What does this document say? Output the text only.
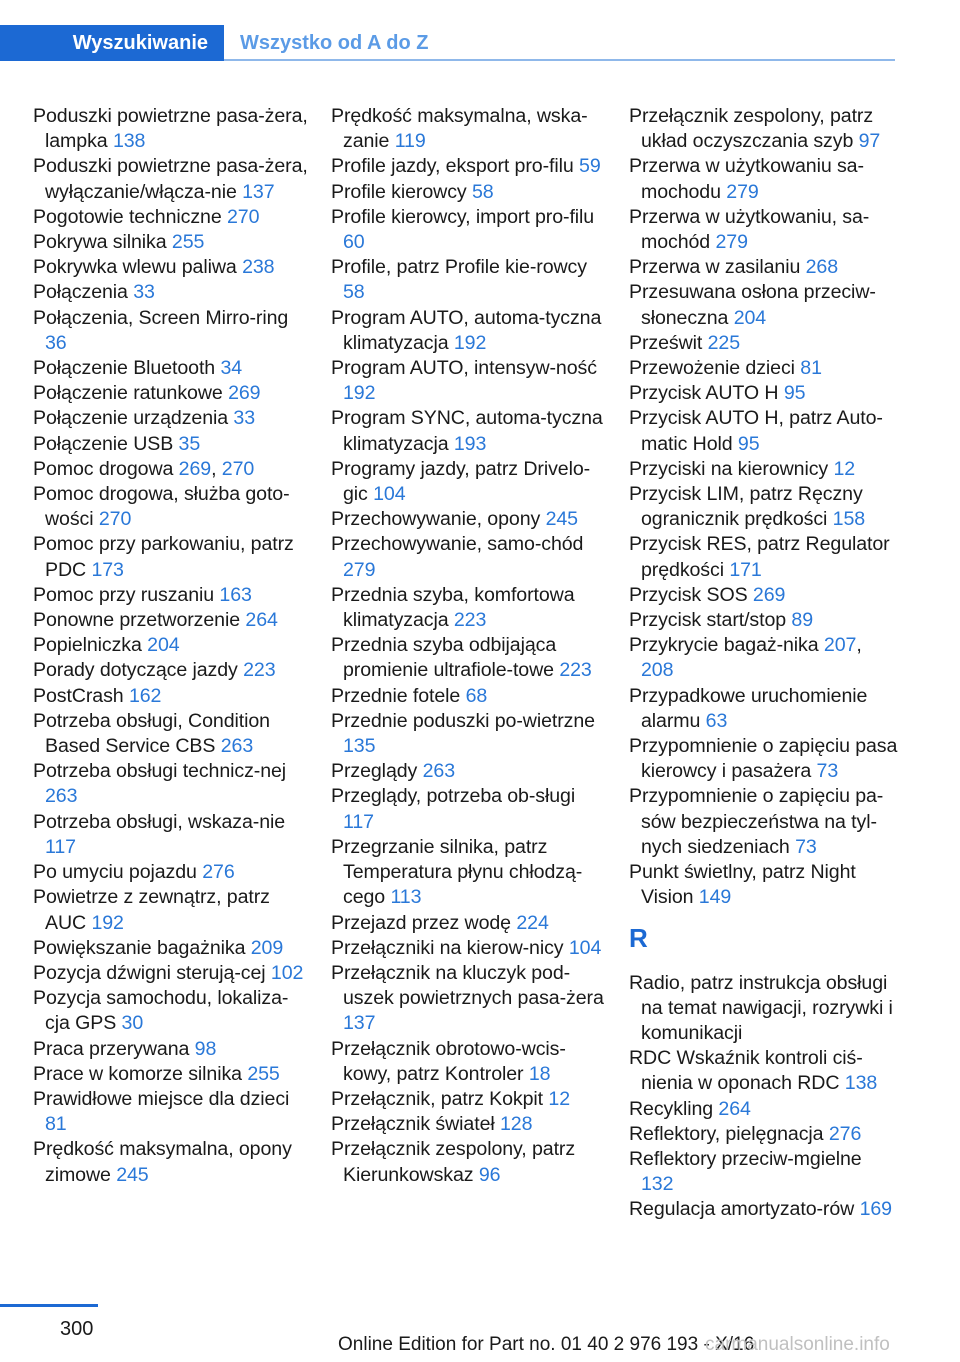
Wyszukiwanie	Wszystko od A do Z
Poduszki powietrzne pasa-żera, lampka 138
Poduszki powietrzne pasa-żera, wyłączanie/włącza-nie 137
Pogotowie techniczne 270
Pokrywa silnika 255
Pokrywka wlewu paliwa 238
Połączenia 33
Połączenia, Screen Mirro-ring 36
Połączenie Bluetooth 34
Połączenie ratunkowe 269
Połączenie urządzenia 33
Połączenie USB 35
Pomoc drogowa 269, 270
Pomoc drogowa, służba goto-wości 270
Pomoc przy parkowaniu, patrz PDC 173
Pomoc przy ruszaniu 163
Ponowne przetworzenie 264
Popielniczka 204
Porady dotyczące jazdy 223
PostCrash 162
Potrzeba obsługi, Condition Based Service CBS 263
Potrzeba obsługi technicz-nej 263
Potrzeba obsługi, wskaza-nie 117
Po umyciu pojazdu 276
Powietrze z zewnątrz, patrz AUC 192
Powiększanie bagażnika 209
Pozycja dźwigni sterują-cej 102
Pozycja samochodu, lokaliza-cja GPS 30
Praca przerywana 98
Prace w komorze silnika 255
Prawidłowe miejsce dla dzieci 81
Prędkość maksymalna, opony zimowe 245
Prędkość maksymalna, wska-zanie 119
Profile jazdy, eksport pro-filu 59
Profile kierowcy 58
Profile kierowcy, import pro-filu 60
Profile, patrz Profile kie-rowcy 58
Program AUTO, automa-tyczna klimatyzacja 192
Program AUTO, intensyw-ność 192
Program SYNC, automa-tyczna klimatyzacja 193
Programy jazdy, patrz Drivelo-gic 104
Przechowywanie, opony 245
Przechowywanie, samo-chód 279
Przednia szyba, komfortowa klimatyzacja 223
Przednia szyba odbijająca promienie ultrafiole-towe 223
Przednie fotele 68
Przednie poduszki po-wietrzne 135
Przeglądy 263
Przeglądy, potrzeba ob-sługi 117
Przegrzanie silnika, patrz Temperatura płynu chłodzą-cego 113
Przejazd przez wodę 224
Przełączniki na kierow-nicy 104
Przełącznik na kluczyk pod-uszek powietrznych pasa-żera 137
Przełącznik obrotowo-wcis-kowy, patrz Kontroler 18
Przełącznik, patrz Kokpit 12
Przełącznik świateł 128
Przełącznik zespolony, patrz Kierunkowskaz 96
Przełącznik zespolony, patrz układ oczyszczania szyb 97
Przerwa w użytkowaniu sa-mochodu 279
Przerwa w użytkowaniu, sa-mochód 279
Przerwa w zasilaniu 268
Przesuwana osłona przeciw-słoneczna 204
Prześwit 225
Przewożenie dzieci 81
Przycisk AUTO H 95
Przycisk AUTO H, patrz Auto-matic Hold 95
Przyciski na kierownicy 12
Przycisk LIM, patrz Ręczny ogranicznik prędkości 158
Przycisk RES, patrz Regulator prędkości 171
Przycisk SOS 269
Przycisk start/stop 89
Przykrycie bagaż-nika 207, 208
Przypadkowe uruchomienie alarmu 63
Przypomnienie o zapięciu pasa kierowcy i pasażera 73
Przypomnienie o zapięciu pa-sów bezpieczeństwa na tyl-nych siedzeniach 73
Punkt świetlny, patrz Night Vision 149
R
Radio, patrz instrukcja obsługi na temat nawigacji, rozrywki i komunikacji
RDC Wskaźnik kontroli ciś-nienia w oponach RDC 138
Recykling 264
Reflektory, pielęgnacja 276
Reflektory przeciw-mgielne 132
Regulacja amortyzato-rów 169
300
Online Edition for Part no. 01 40 2 976 193 - X/16
carmanualsonline.info
